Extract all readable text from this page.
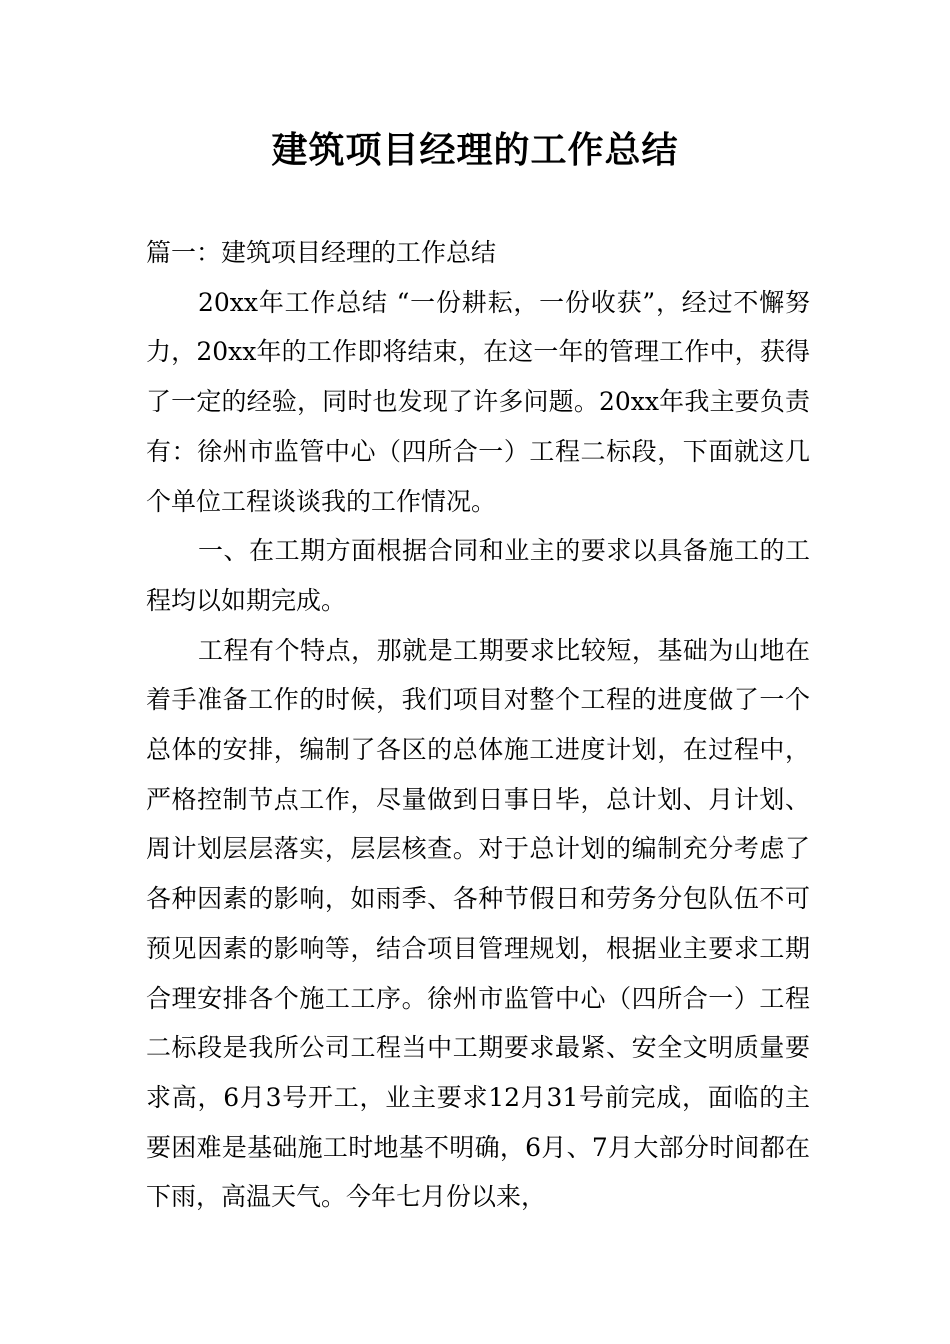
建筑项目经理的工作总结

篇一：建筑项目经理的工作总结

20xx年工作总结 “一份耕耘，一份收获”，经过不懈努力，20xx年的工作即将结束，在这一年的管理工作中，获得了一定的经验，同时也发现了许多问题。20xx年我主要负责有：徐州市监管中心（四所合一）工程二标段，下面就这几个单位工程谈谈我的工作情况。

一、在工期方面根据合同和业主的要求以具备施工的工程均以如期完成。

工程有个特点，那就是工期要求比较短，基础为山地在着手准备工作的时候，我们项目对整个工程的进度做了一个总体的安排，编制了各区的总体施工进度计划，在过程中，严格控制节点工作，尽量做到日事日毕，总计划、月计划、周计划层层落实，层层核查。对于总计划的编制充分考虑了各种因素的影响，如雨季、各种节假日和劳务分包队伍不可预见因素的影响等，结合项目管理规划，根据业主要求工期合理安排各个施工工序。徐州市监管中心（四所合一）工程二标段是我所公司工程当中工期要求最紧、安全文明质量要求高，6月3号开工，业主要求12月31号前完成，面临的主要困难是基础施工时地基不明确，6月、7月大部分时间都在下雨，高温天气。今年七月份以来，
